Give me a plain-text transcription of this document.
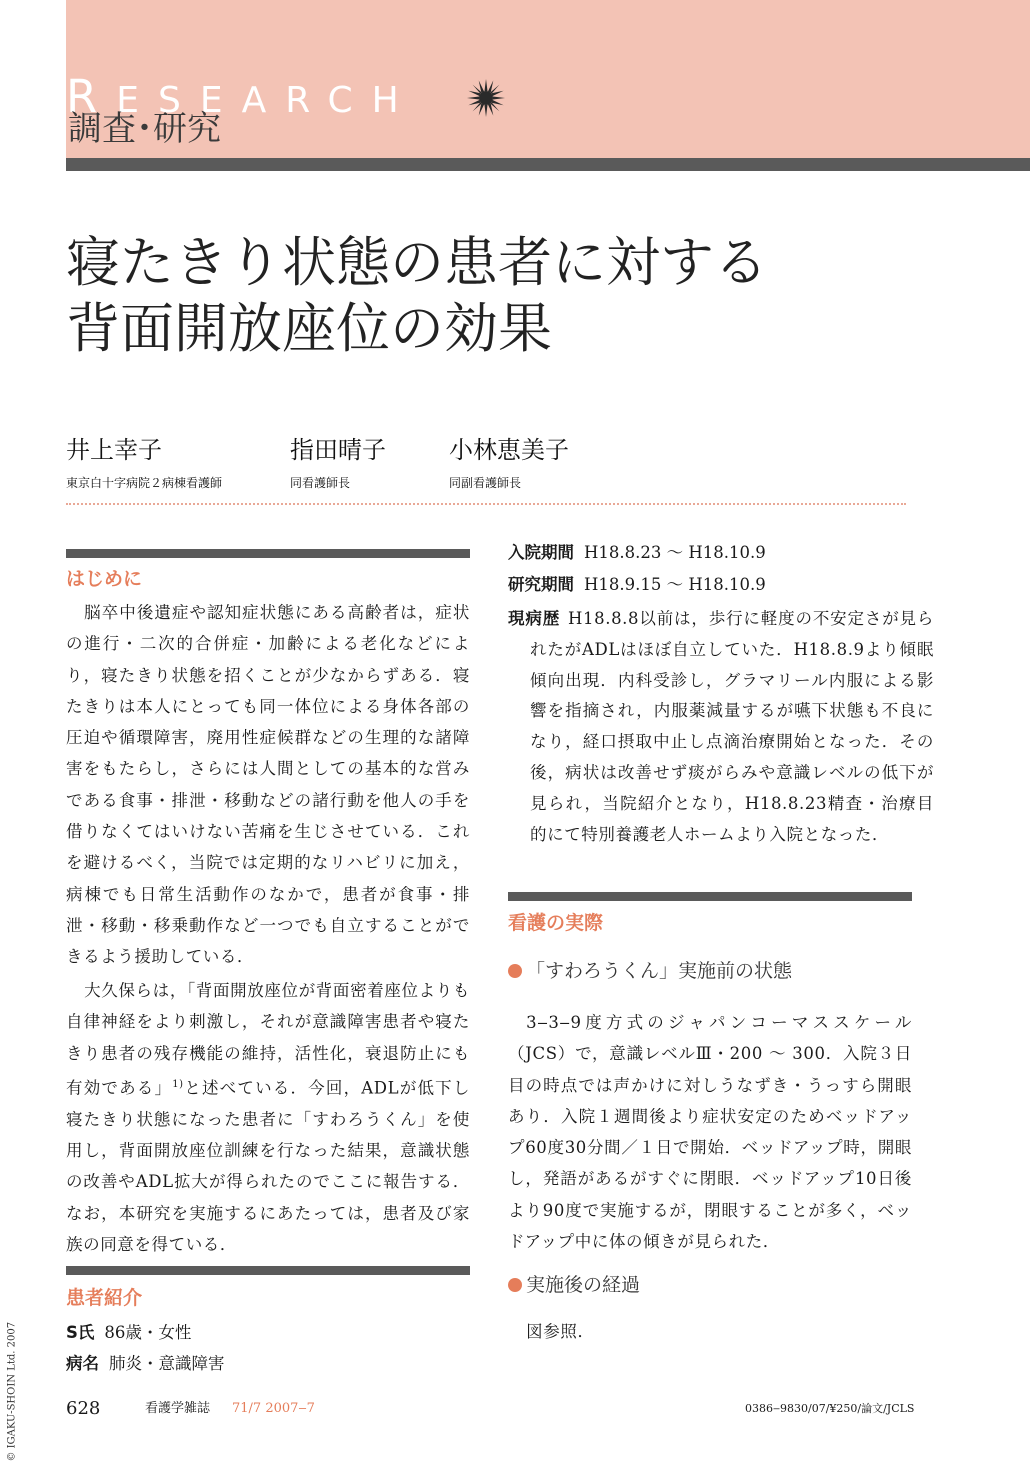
RESEARCH
調査･研究
寝たきり状態の患者に対する
背面開放座位の効果
井上幸子	指田晴子	小林恵美子
東京白十字病院２病棟看護師	同看護師長	同副看護師長
はじめに

脳卒中後遺症や認知症状態にある高齢者は，症状の進行・二次的合併症・加齢による老化などにより，寝たきり状態を招くことが少なからずある．寝たきりは本人にとっても同一体位による身体各部の圧迫や循環障害，廃用性症候群などの生理的な諸障害をもたらし，さらには人間としての基本的な営みである食事・排泄・移動などの諸行動を他人の手を借りなくてはいけない苦痛を生じさせている．これを避けるべく，当院では定期的なリハビリに加え，病棟でも日常生活動作のなかで，患者が食事・排泄・移動・移乗動作など一つでも自立することができるよう援助している．

大久保らは，「背面開放座位が背面密着座位よりも自律神経をより刺激し，それが意識障害患者や寝たきり患者の残存機能の維持，活性化，衰退防止にも有効である」$^{1)}$と述べている．今回，ADLが低下し寝たきり状態になった患者に「すわろうくん」を使用し，背面開放座位訓練を行なった結果，意識状態の改善やADL拡大が得られたのでここに報告する．なお，本研究を実施するにあたっては，患者及び家族の同意を得ている．

患者紹介
S氏 86歳・女性
病名 肺炎・意識障害
入院期間 H18.8.23 ～ H18.10.9
研究期間 H18.9.15 ～ H18.10.9
現病歴 H18.8.8以前は，歩行に軽度の不安定さが見られたがADLはほぼ自立していた．H18.8.9より傾眠傾向出現．内科受診し，グラマリール内服による影響を指摘され，内服薬減量するが嚥下状態も不良になり，経口摂取中止し点滴治療開始となった．その後，病状は改善せず痰がらみや意識レベルの低下が見られ，当院紹介となり，H18.8.23精査・治療目的にて特別養護老人ホームより入院となった．
看護の実際
「すわろうくん」実施前の状態

3‒3‒9度方式のジャパンコーマススケール（JCS）で，意識レベルⅢ・200 ～ 300．入院３日目の時点では声かけに対しうなずき・うっすら開眼あり．入院１週間後より症状安定のためベッドアップ60度30分間／１日で開始．ベッドアップ時，開眼し，発語があるがすぐに閉眼．ベッドアップ10日後より90度で実施するが，閉眼することが多く，ベッドアップ中に体の傾きが見られた．

実施後の経過

図参照．

628	看護学雑誌 71/7 2007‒7	0386‒9830/07/¥250/論文/JCLS
© IGAKU-SHOIN Ltd. 2007
